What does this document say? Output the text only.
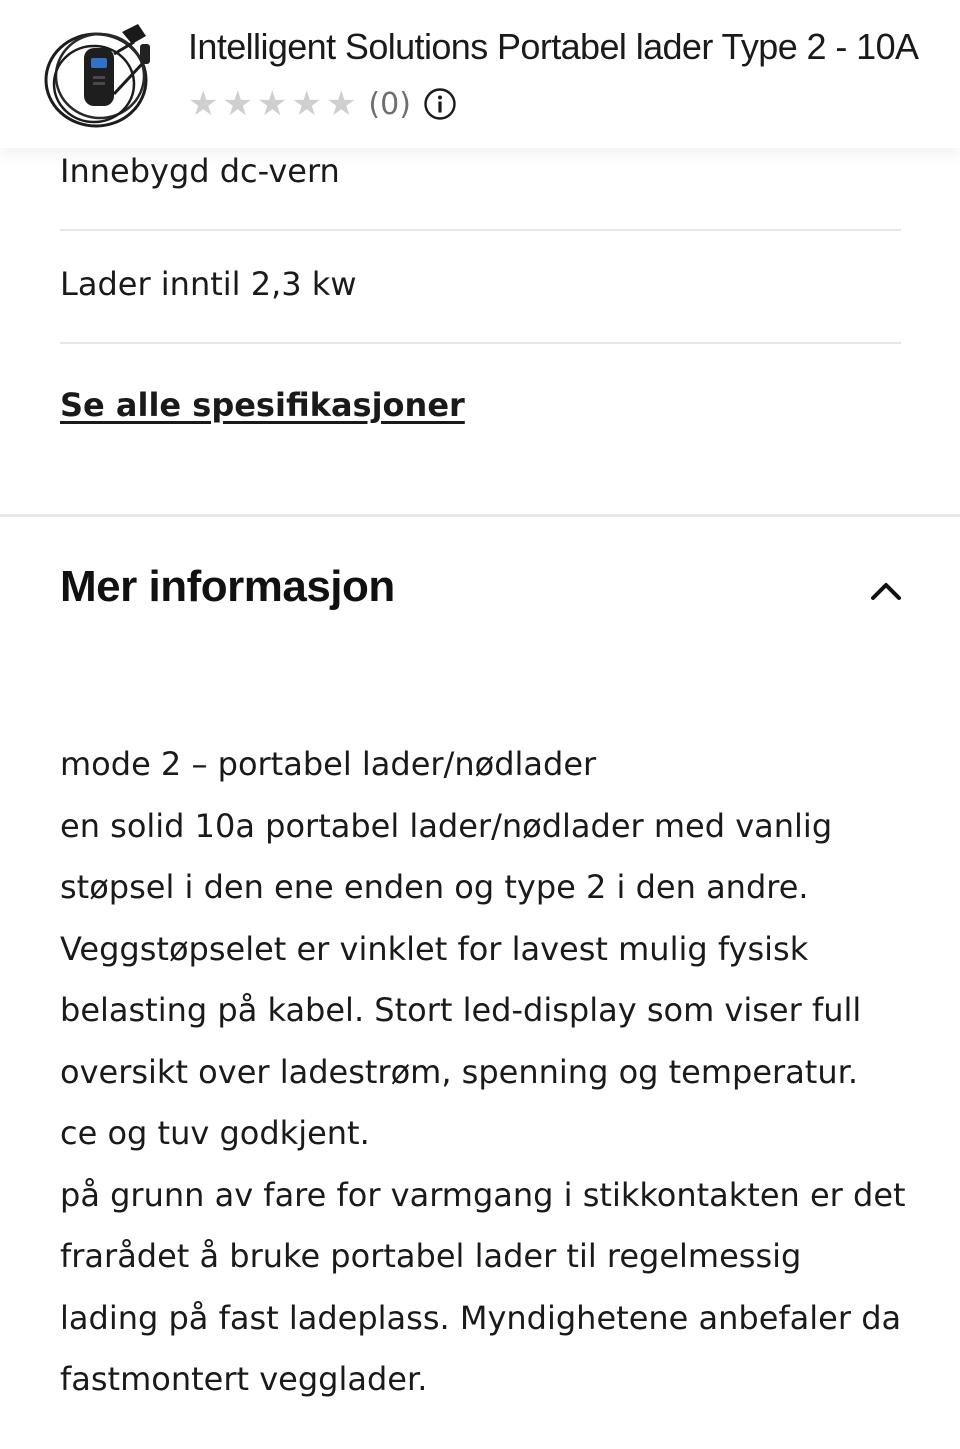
Intelligent Solutions Portabel lader Type 2 - 10A
★ ★ ★ ★ ★ (0)
Innebygd dc-vern
Lader inntil 2,3 kw
Se alle spesifikasjoner
Mer informasjon
mode 2 – portabel lader/nødlader
en solid 10a portabel lader/nødlader med vanlig
støpsel i den ene enden og type 2 i den andre.
Veggstøpselet er vinklet for lavest mulig fysisk
belasting på kabel. Stort led-display som viser full
oversikt over ladestrøm, spenning og temperatur.
ce og tuv godkjent.
på grunn av fare for varmgang i stikkontakten er det
frarådet å bruke portabel lader til regelmessig
lading på fast ladeplass. Myndighetene anbefaler da
fastmontert vegglader.
